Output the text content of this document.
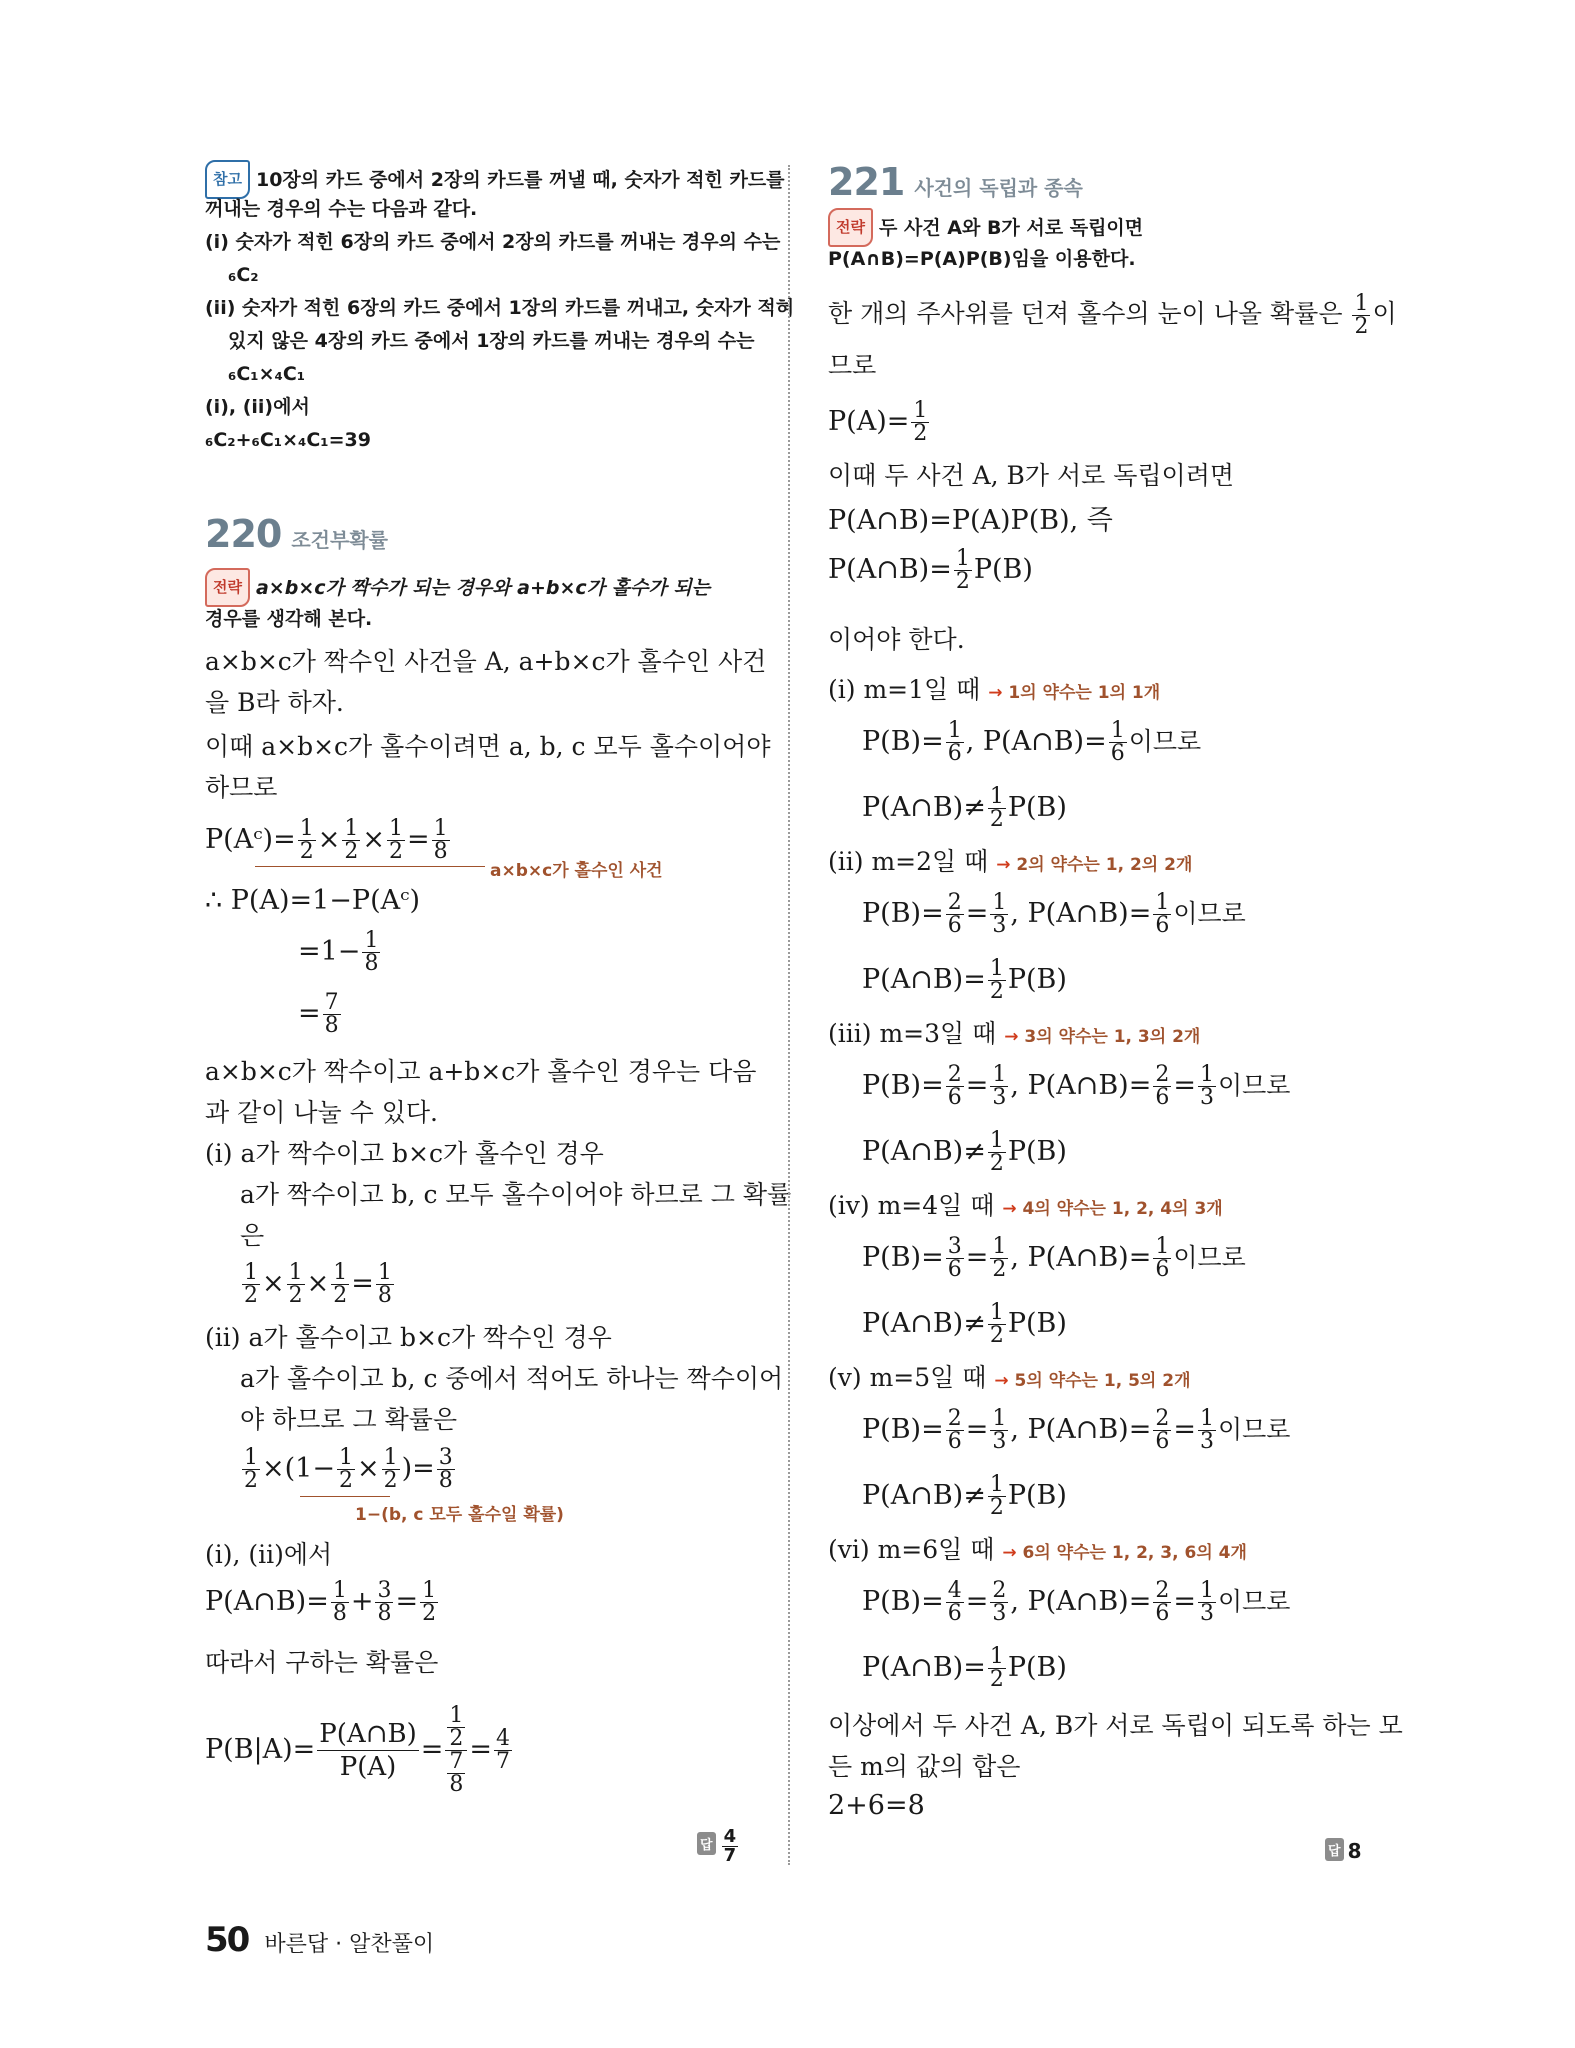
참고 10장의 카드 중에서 2장의 카드를 꺼낼 때, 숫자가 적힌 카드를
꺼내는 경우의 수는 다음과 같다.
(i) 숫자가 적힌 6장의 카드 중에서 2장의 카드를 꺼내는 경우의 수는
₆C₂
(ii) 숫자가 적힌 6장의 카드 중에서 1장의 카드를 꺼내고, 숫자가 적혀
있지 않은 4장의 카드 중에서 1장의 카드를 꺼내는 경우의 수는
₆C₁×₄C₁
(i), (ii)에서
₆C₂+₆C₁×₄C₁=39
220 조건부확률
전략 a×b×c가 짝수가 되는 경우와 a+b×c가 홀수가 되는
경우를 생각해 본다.
a×b×c가 짝수인 사건을 A, a+b×c가 홀수인 사건
을 B라 하자.
이때 a×b×c가 홀수이려면 a, b, c 모두 홀수이어야
하므로
P(Aᶜ)= $\frac{1}{2} \times \frac{1}{2} \times \frac{1}{2} = \frac{1}{8}$
a×b×c가 홀수인 사건
∴ P(A)=1−P(Aᶜ)
$=1- \frac{1}{8}$
= $\frac{7}{8}$
a×b×c가 짝수이고 a+b×c가 홀수인 경우는 다음
과 같이 나눌 수 있다.
(i) a가 짝수이고 b×c가 홀수인 경우
a가 짝수이고 b, c 모두 홀수이어야 하므로 그 확률
은
$\frac{1}{2} \times \frac{1}{2} \times \frac{1}{2} = \frac{1}{8}$
(ii) a가 홀수이고 b×c가 짝수인 경우
a가 홀수이고 b, c 중에서 적어도 하나는 짝수이어
야 하므로 그 확률은
$\frac{1}{2} \times(1- \frac{1}{2} \times \frac{1}{2}$ )= $\frac{3}{8}$
1−(b, c 모두 홀수일 확률)
(i), (ii)에서
P(A∩B)= $\frac{1}{8} + \frac{3}{8} = \frac{1}{2}$
따라서 구하는 확률은
$P(B|A)= \frac{P(A\cap B)}{P(A)} = \frac{\frac{1}{2}}{\frac{7}{8}} = \frac{4}{7}$
답 $\frac{4}{7}$
221 사건의 독립과 종속
전략 두 사건 A와 B가 서로 독립이면
P(A∩B)=P(A)P(B)임을 이용한다.
한 개의 주사위를 던져 홀수의 눈이 나올 확률은 $\frac{1}{2}$ 이
므로
$P(A)= \frac{1}{2}$
이때 두 사건 A, B가 서로 독립이려면
P(A∩B)=P(A)P(B), 즉
P(A∩B)= $\frac{1}{2} P(B)$
이어야 한다.
(i) m=1일 때 → 1의 약수는 1의 1개
$P(B)= \frac{1}{6}$ , P(A∩B)= $\frac{1}{6}$ 이므로
P(A∩B)≠ $\frac{1}{2} P(B)$
(ii) m=2일 때 → 2의 약수는 1, 2의 2개
$P(B)= \frac{2}{6} = \frac{1}{3}$ , P(A∩B)= $\frac{1}{6}$ 이므로
P(A∩B)= $\frac{1}{2} P(B)$
(iii) m=3일 때 → 3의 약수는 1, 3의 2개
$P(B)= \frac{2}{6} = \frac{1}{3}$ , P(A∩B)= $\frac{2}{6} = \frac{1}{3}$ 이므로
P(A∩B)≠ $\frac{1}{2} P(B)$
(iv) m=4일 때 → 4의 약수는 1, 2, 4의 3개
$P(B)= \frac{3}{6} = \frac{1}{2}$ , P(A∩B)= $\frac{1}{6}$ 이므로
P(A∩B)≠ $\frac{1}{2} P(B)$
(v) m=5일 때 → 5의 약수는 1, 5의 2개
$P(B)= \frac{2}{6} = \frac{1}{3}$ , P(A∩B)= $\frac{2}{6} = \frac{1}{3}$ 이므로
P(A∩B)≠ $\frac{1}{2} P(B)$
(vi) m=6일 때 → 6의 약수는 1, 2, 3, 6의 4개
$P(B)= \frac{4}{6} = \frac{2}{3}$ , P(A∩B)= $\frac{2}{6} = \frac{1}{3}$ 이므로
P(A∩B)= $\frac{1}{2} P(B)$
이상에서 두 사건 A, B가 서로 독립이 되도록 하는 모
든 m의 값의 합은
2+6=8
답 8
50 바른답 · 알찬풀이
